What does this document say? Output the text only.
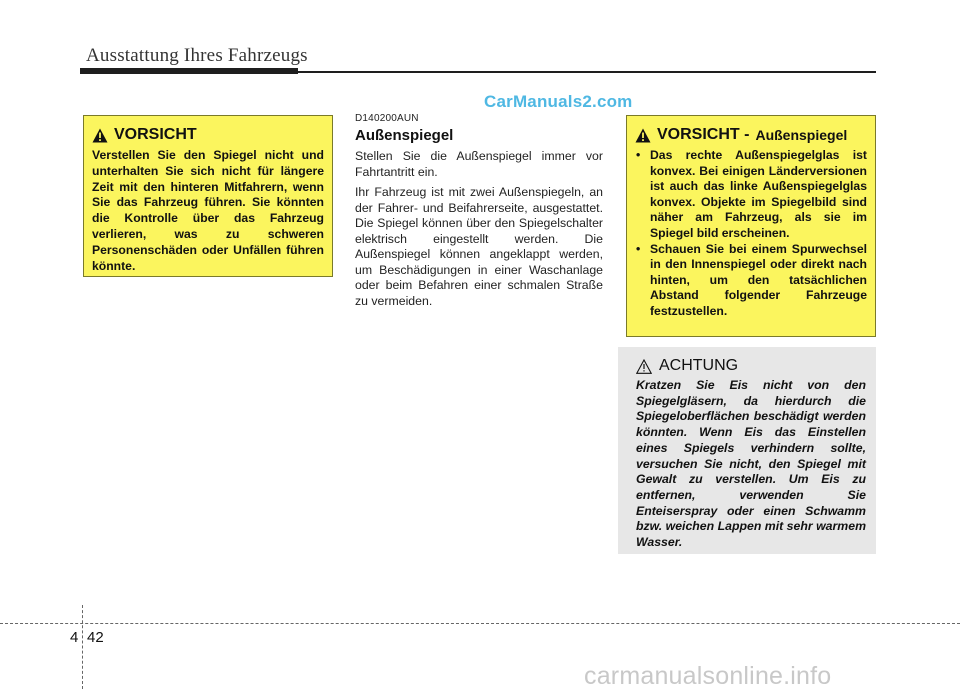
Ausstattung Ihres Fahrzeugs
CarManuals2.com
VORSICHT
Verstellen Sie den Spiegel nicht und unterhalten Sie sich nicht für längere Zeit mit den hinteren Mitfahrern, wenn Sie das Fahrzeug führen. Sie könnten die Kontrolle über das Fahrzeug verlieren, was zu schweren Personenschäden oder Unfällen führen könnte.
D140200AUN
Außenspiegel

Stellen Sie die Außenspiegel immer vor Fahrtantritt ein.

Ihr Fahrzeug ist mit zwei Außenspiegeln, an der Fahrer- und Beifahrerseite, ausgestattet. Die Spiegel können über den Spiegelschalter elektrisch eingestellt werden. Die Außenspiegel können angeklappt werden, um Beschädigungen in einer Waschanlage oder beim Befahren einer schmalen Straße zu vermeiden.

VORSICHT - Außenspiegel
• Das rechte Außenspiegelglas ist konvex. Bei einigen Länderversionen ist auch das linke Außenspiegelglas konvex. Objekte im Spiegelbild sind näher am Fahrzeug, als sie im Spiegel bild erscheinen.
• Schauen Sie bei einem Spurwechsel in den Innenspiegel oder direkt nach hinten, um den tatsächlichen Abstand folgender Fahrzeuge festzustellen.
ACHTUNG
Kratzen Sie Eis nicht von den Spiegelgläsern, da hierdurch die Spiegeloberflächen beschädigt werden könnten. Wenn Eis das Einstellen eines Spiegels verhindern sollte, versuchen Sie nicht, den Spiegel mit Gewalt zu verstellen. Um Eis zu entfernen, verwenden Sie Enteiserspray oder einen Schwamm bzw. weichen Lappen mit sehr warmem Wasser.
4 42
carmanualsonline.info
